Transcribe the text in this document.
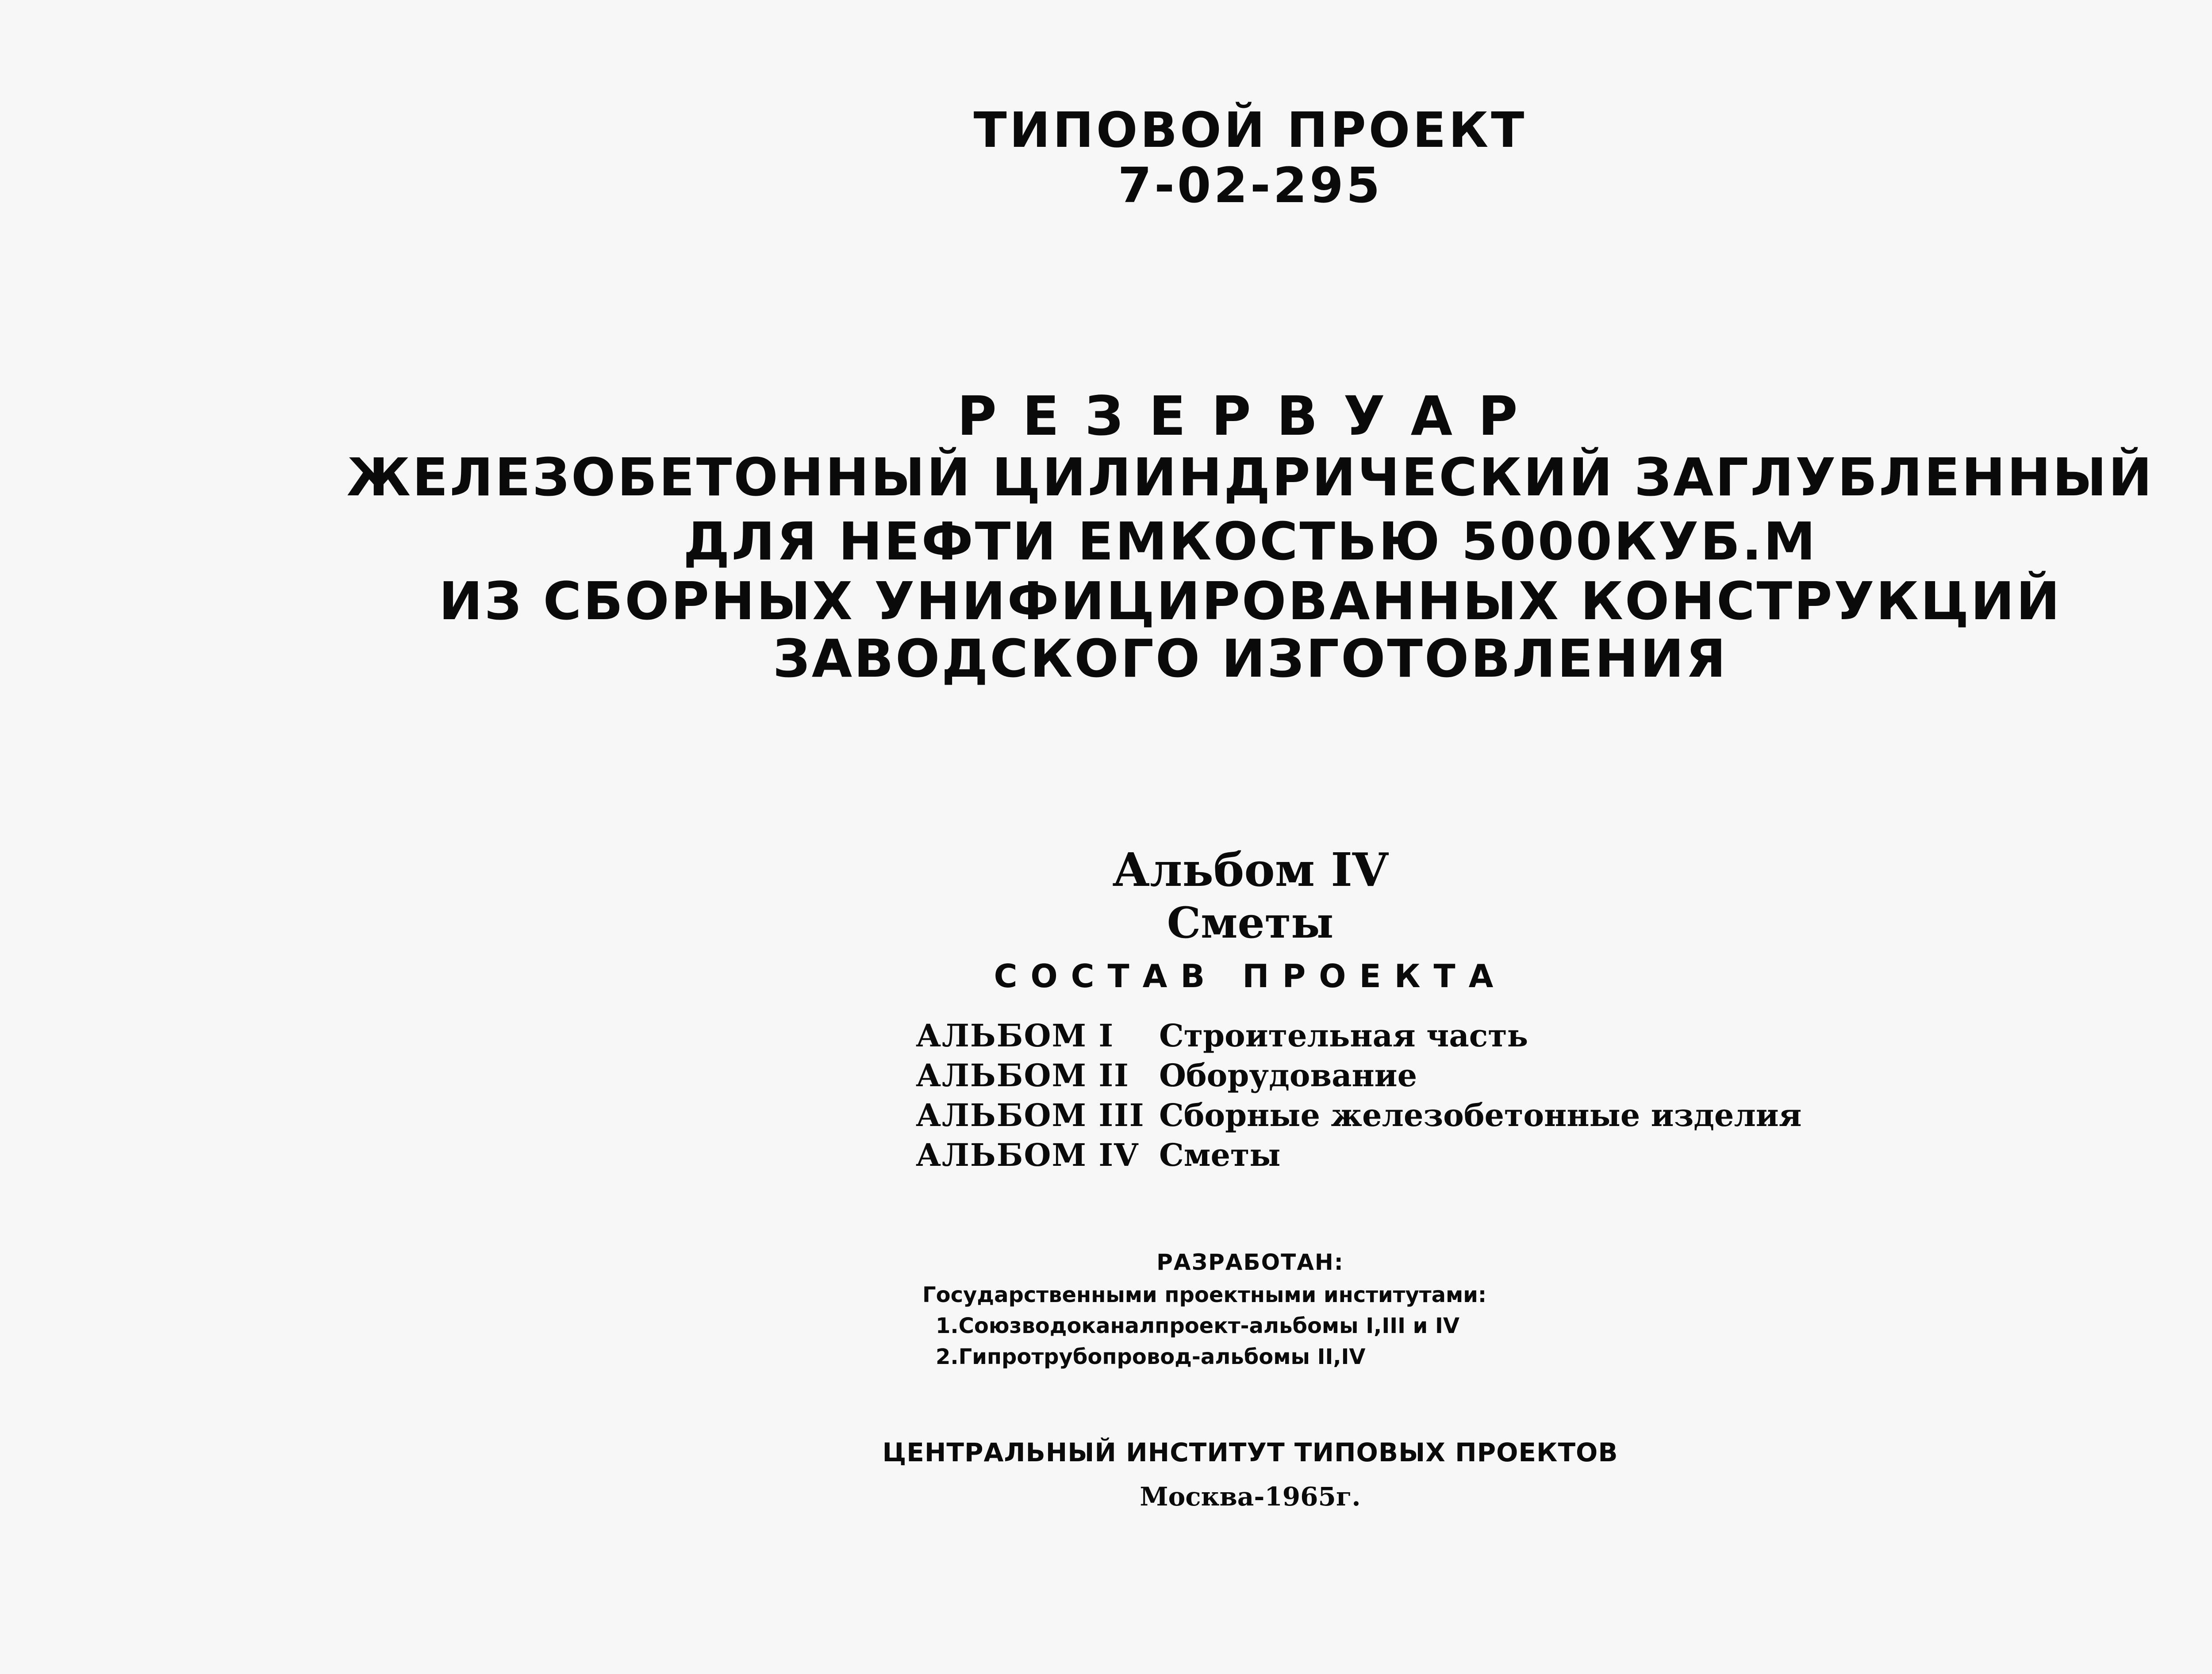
ТИПОВОЙ ПРОЕКТ
7-02-295
РЕЗЕРВУАР
ЖЕЛЕЗОБЕТОННЫЙ ЦИЛИНДРИЧЕСКИЙ ЗАГЛУБЛЕННЫЙ
ДЛЯ НЕФТИ ЕМКОСТЬЮ 5000КУБ.М
ИЗ СБОРНЫХ УНИФИЦИРОВАННЫХ КОНСТРУКЦИЙ
ЗАВОДСКОГО ИЗГОТОВЛЕНИЯ
Альбом IV
Сметы
СОСТАВ ПРОЕКТА
АЛЬБОМ I Строительная часть
АЛЬБОМ II Оборудование
АЛЬБОМ III Сборные железобетонные изделия
АЛЬБОМ IV Сметы
РАЗРАБОТАН:
Государственными проектными институтами:
1.Союзводоканалпроект-альбомы I,III и IV
2.Гипротрубопровод-альбомы II,IV
ЦЕНТРАЛЬНЫЙ ИНСТИТУТ ТИПОВЫХ ПРОЕКТОВ
Москва-1965г.
